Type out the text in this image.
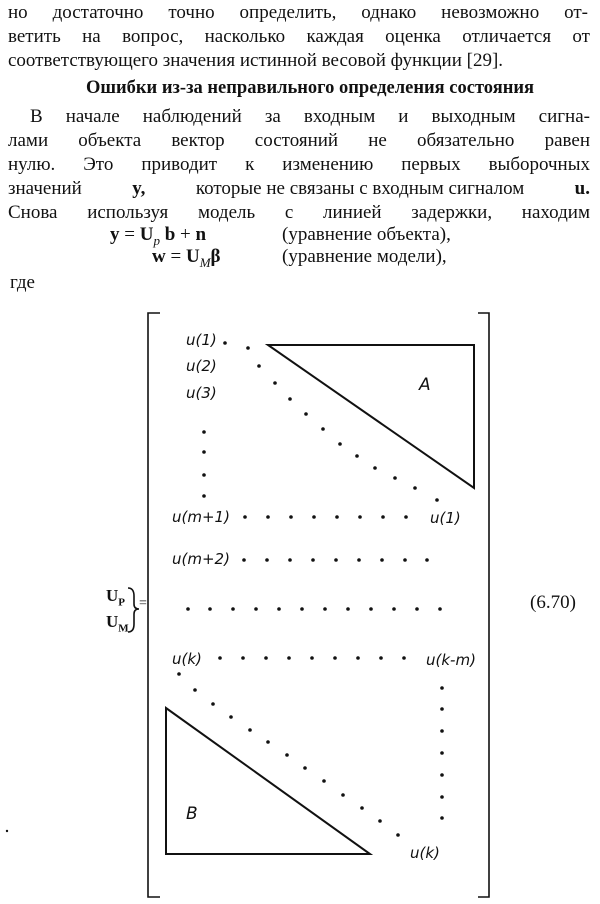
но достаточно точно определить, однако невозможно от-
ветить на вопрос, насколько каждая оценка отличается от
соответствующего значения истинной весовой функции [29].
Ошибки из-за неправильного определения состояния
В начале наблюдений за входным и выходным сигна-
лами объекта вектор состояний не обязательно равен
нулю. Это приводит к изменению первых выборочных
значений	y,	которые не связаны с входным сигналом	u.
Снова используя модель с линией задержки, находим
$y = U_p$ b + n	(уравнение объекта),
$w = U_M\beta$	(уравнение модели),
где
(6.70)
$U_P$
$U_M$
=
u(1)
u(2)
u(3)
u(m+1)	u(1)
u(m+2)
u(k)	u(k-m)
u(k)
A
B
